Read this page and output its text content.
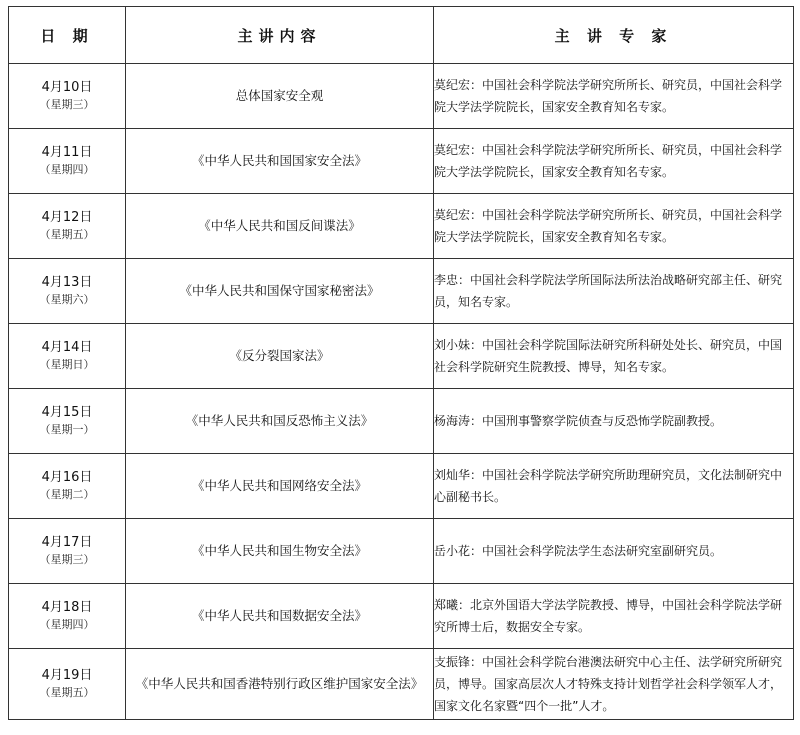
日 期	主讲内容	主 讲 专 家

4月10日
（星期三）	总体国家安全观	莫纪宏：中国社会科学院法学研究所所长、研究员，中国社会科学院大学法学院院长，国家安全教育知名专家。

4月11日
（星期四）	《中华人民共和国国家安全法》	莫纪宏：中国社会科学院法学研究所所长、研究员，中国社会科学院大学法学院院长，国家安全教育知名专家。

4月12日
（星期五）	《中华人民共和国反间谍法》	莫纪宏：中国社会科学院法学研究所所长、研究员，中国社会科学院大学法学院院长，国家安全教育知名专家。

4月13日
（星期六）	《中华人民共和国保守国家秘密法》	李忠：中国社会科学院法学所国际法所法治战略研究部主任、研究员，知名专家。

4月14日
（星期日）	《反分裂国家法》	刘小妹：中国社会科学院国际法研究所科研处处长、研究员，中国社会科学院研究生院教授、博导，知名专家。

4月15日
（星期一）	《中华人民共和国反恐怖主义法》	杨海涛：中国刑事警察学院侦查与反恐怖学院副教授。

4月16日
（星期二）	《中华人民共和国网络安全法》	刘灿华：中国社会科学院法学研究所助理研究员，文化法制研究中心副秘书长。

4月17日
（星期三）	《中华人民共和国生物安全法》	岳小花：中国社会科学院法学生态法研究室副研究员。

4月18日
（星期四）	《中华人民共和国数据安全法》	郑曦：北京外国语大学法学院教授、博导，中国社会科学院法学研究所博士后，数据安全专家。

4月19日
（星期五）	《中华人民共和国香港特别行政区维护国家安全法》	支振锋：中国社会科学院台港澳法研究中心主任、法学研究所研究员，博导。国家高层次人才特殊支持计划哲学社会科学领军人才，国家文化名家暨“四个一批”人才。
